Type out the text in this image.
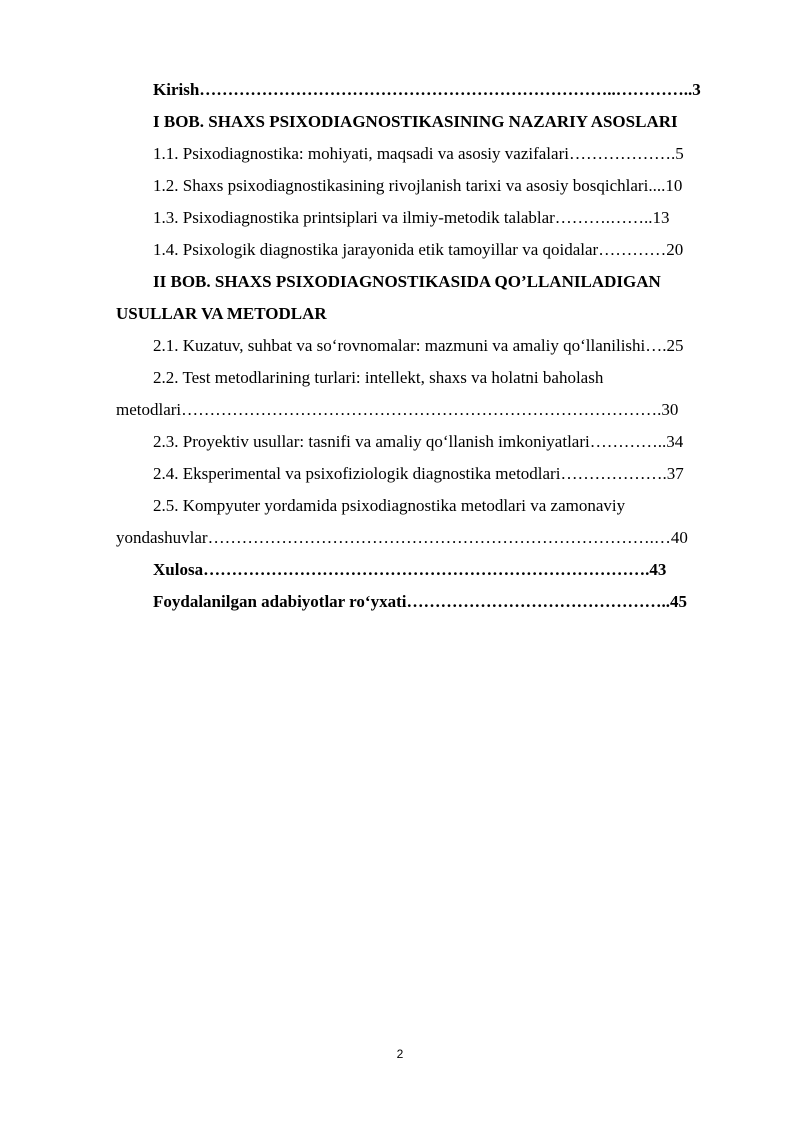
Kirish………………………………………………………………..…………..3
I BOB. SHAXS PSIXODIAGNOSTIKASINING NAZARIY ASOSLARI
1.1. Psixodiagnostika: mohiyati, maqsadi va asosiy vazifalari……………….5
1.2. Shaxs psixodiagnostikasining rivojlanish tarixi va asosiy bosqichlari....10
1.3. Psixodiagnostika printsiplari va ilmiy-metodik talablar……….……..13
1.4. Psixologik diagnostika jarayonida etik tamoyillar va qoidalar…………20
II BOB. SHAXS PSIXODIAGNOSTIKASIDA QO’LLANILADIGAN
USULLAR VA METODLAR
2.1. Kuzatuv, suhbat va so‘rovnomalar: mazmuni va amaliy qo‘llanilishi….25
2.2. Test metodlarining turlari: intellekt, shaxs va holatni baholash
metodlari………………………………………………………………………….30
2.3. Proyektiv usullar: tasnifi va amaliy qo‘llanish imkoniyatlari…………..34
2.4. Eksperimental va psixofiziologik diagnostika metodlari……………….37
2.5. Kompyuter yordamida psixodiagnostika metodlari va zamonaviy
yondashuvlar…………………………………………………………………….…40
Xulosa…………………………………………………………………….43
Foydalanilgan adabiyotlar ro‘yxati………………………………………..45
2
